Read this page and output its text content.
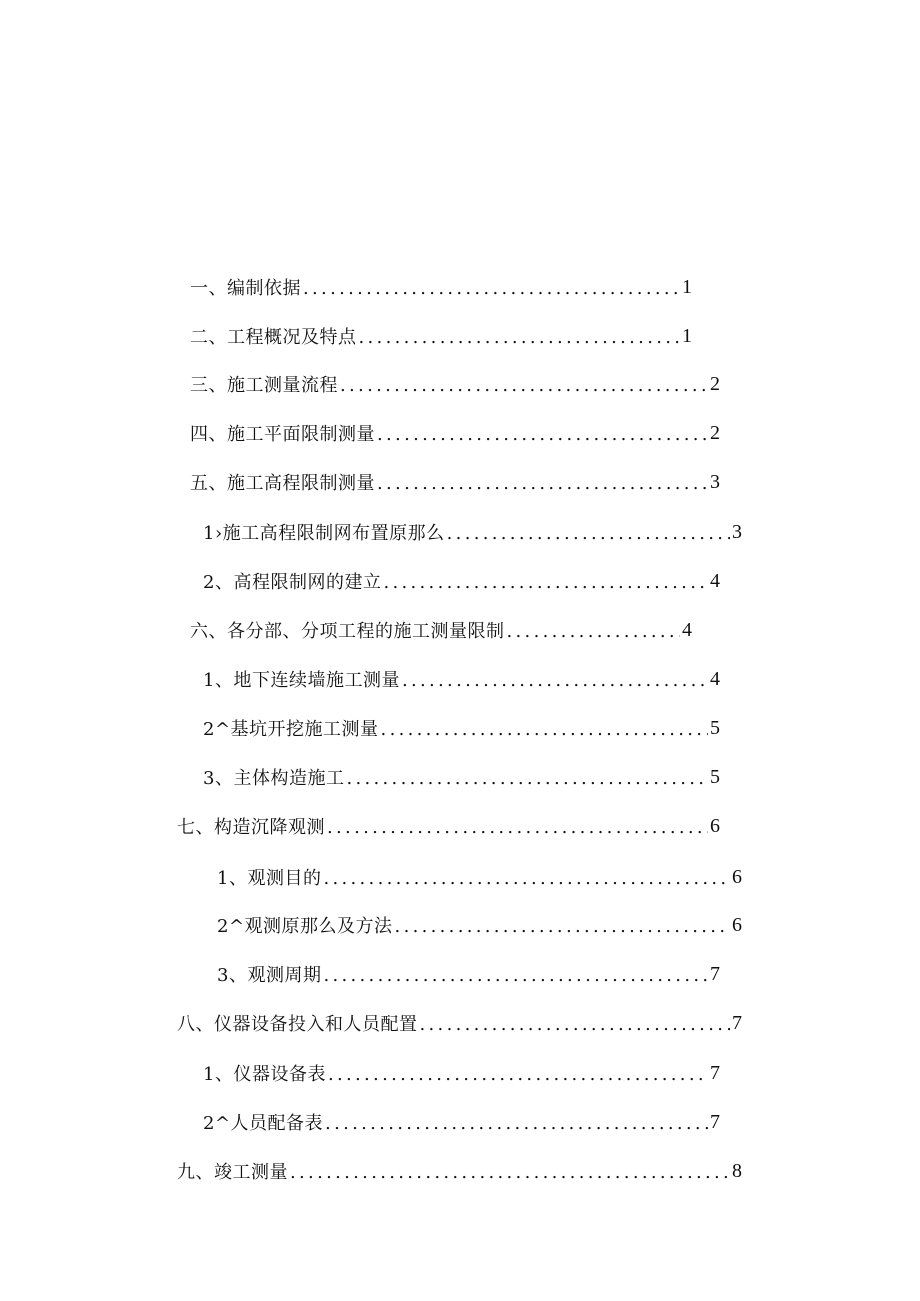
一、编制依据 .....	1
二、工程概况及特点 .....	1
三、施工测量流程 .....	2
四、施工平面限制测量 .....	2
五、施工高程限制测量 .....	3
1›施工高程限制网布置原那么 .....	3
2、高程限制网的建立 .....	4
六、各分部、分项工程的施工测量限制 .....	4
1、地下连续墙施工测量 .....	4
2^基坑开挖施工测量 .....	5
3、主体构造施工 .....	5
七、构造沉降观测 .....	6
1、观测目的 .....	6
2^观测原那么及方法 .....	6
3、观测周期 .....	7
八、仪器设备投入和人员配置 .....	7
1、仪器设备表 .....	7
2^人员配备表 .....	7
九、竣工测量 .....	8
